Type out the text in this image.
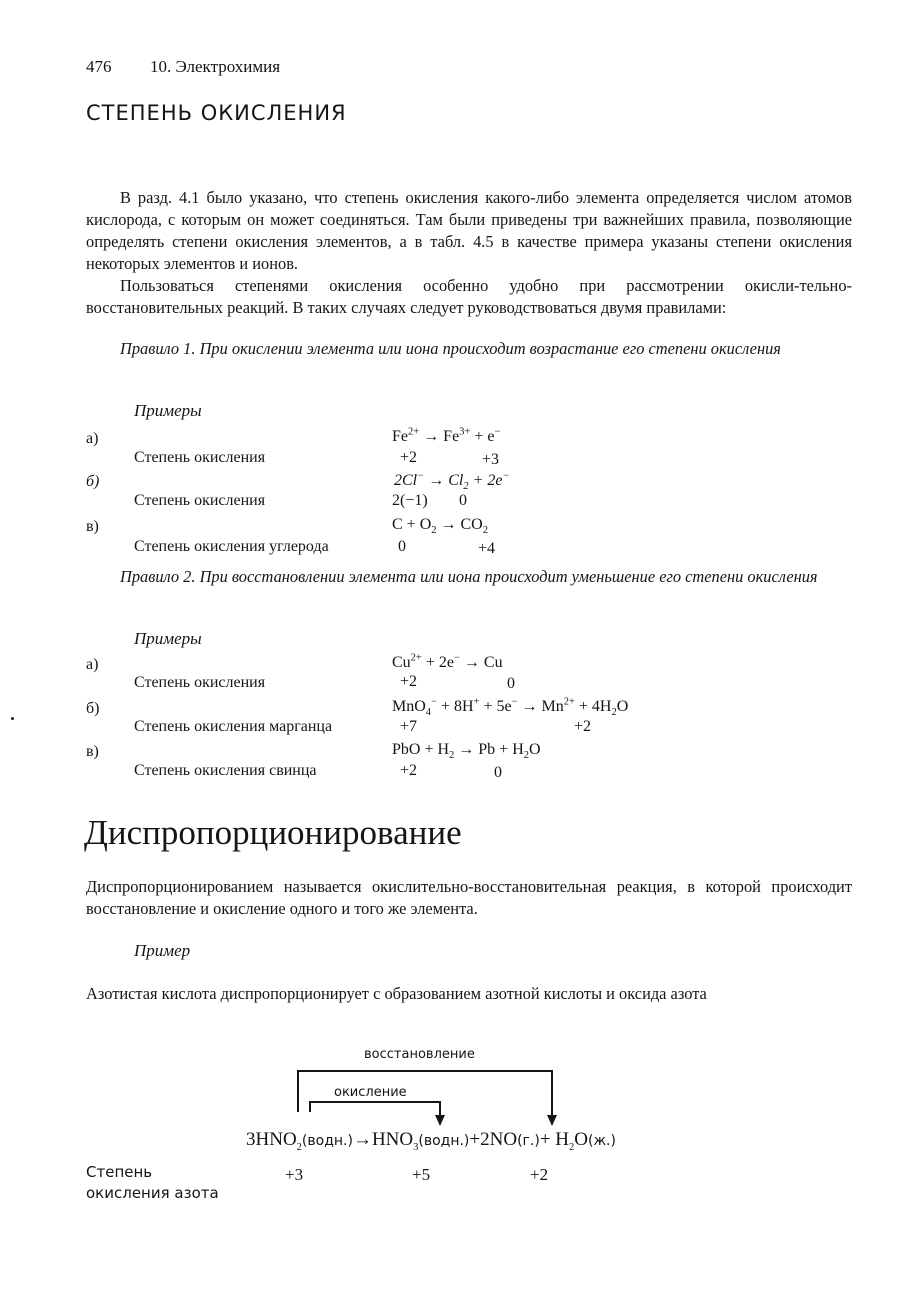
476 10. Электрохимия
СТЕПЕНЬ ОКИСЛЕНИЯ
В разд. 4.1 было указано, что степень окисления какого-либо элемента определяется числом атомов кислорода, с которым он может соединяться. Там были приведены три важнейших правила, позволяющие определять степени окисления элементов, а в табл. 4.5 в качестве примера указаны степени окисления некоторых элементов и ионов.
Пользоваться степенями окисления особенно удобно при рассмотрении окисли-тельно-восстановительных реакций. В таких случаях следует руководствоваться двумя правилами:
Правило 1. При окислении элемента или иона происходит возрастание его степени окисления
Примеры
а)	$Fe^{2+} \to Fe^{3+} + e^-$
Степень окисления	+2	+3
б)	$2Cl^- \to Cl_2 + 2e^-$
Степень окисления	2(−1) 0
в)	$C + O_2 \to CO_2$
Степень окисления углерода	0	+4
Правило 2. При восстановлении элемента или иона происходит уменьшение его степени окисления
Примеры
а)	$Cu^{2+} + 2e^- \to Cu$
Степень окисления	+2	0
б)	$MnO_4^- + 8H^+ + 5e^- \to Mn^{2+} + 4H_2O$
Степень окисления марганца	+7	+2
в)	PbO + $H_2 \to Pb + H_2O$
Степень окисления свинца	+2	0
Диспропорционирование
Диспропорционированием называется окислительно-восстановительная реакция, в которой происходит восстановление и окисление одного и того же элемента.
Пример
Азотистая кислота диспропорционирует с образованием азотной кислоты и оксида азота
восстановление
окисление
$3HNO_2(водн.)\to HNO_3(водн.)+2NO(г.)+ H_2O(ж.)$
Степень
окисления азота
+3	+5	+2
